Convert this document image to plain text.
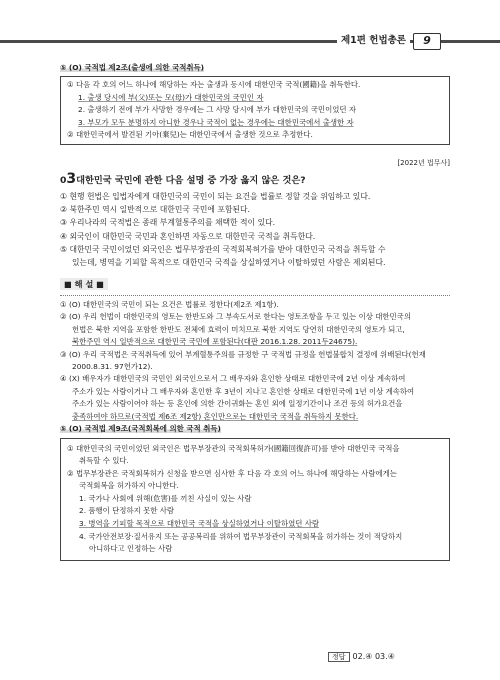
제1편 헌법총론	9
⑤ (O) 국적법 제2조(출생에 의한 국적취득)
① 다음 각 호의 어느 하나에 해당하는 자는 출생과 동시에 대한민국 국적(國籍)을 취득한다.
1. 출생 당시에 부(父)또는 모(母)가 대한민국의 국민인 자
2. 출생하기 전에 부가 사망한 경우에는 그 사망 당시에 부가 대한민국의 국민이었던 자
3. 부모가 모두 분명하지 아니한 경우나 국적이 없는 경우에는 대한민국에서 출생한 자
② 대한민국에서 발견된 기아(棄兒)는 대한민국에서 출생한 것으로 추정한다.
[2022년 법무사]
03대한민국 국민에 관한 다음 설명 중 가장 옳지 않은 것은?
① 현행 헌법은 입법자에게 대한민국의 국민이 되는 요건을 법률로 정할 것을 위임하고 있다.
② 북한주민 역시 일반적으로 대한민국 국민에 포함된다.
③ 우리나라의 국적법은 종래 부계혈통주의를 채택한 적이 있다.
④ 외국인이 대한민국 국민과 혼인하면 자동으로 대한민국 국적을 취득한다.
⑤ 대한민국 국민이었던 외국인은 법무부장관의 국적회복허가를 받아 대한민국 국적을 취득할 수
있는데, 병역을 기피할 목적으로 대한민국 국적을 상실하였거나 이탈하였던 사람은 제외된다.
■ 해 설 ■
① (O) 대한민국의 국민이 되는 요건은 법률로 정한다(제2조 제1항).
② (O) 우리 헌법이 대한민국의 영토는 한반도와 그 부속도서로 한다는 영토조항을 두고 있는 이상 대한민국의
헌법은 북한 지역을 포함한 한반도 전체에 효력이 미치므로 북한 지역도 당연히 대한민국의 영토가 되고,
북한주민 역시 일반적으로 대한민국 국민에 포함된다(대판 2016.1.28. 2011두24675).
③ (O) 우리 국적법은 국적취득에 있어 부계혈통주의를 규정한 구 국적법 규정을 헌법불합치 결정에 위배된다(헌재
2000.8.31. 97헌가12).
④ (X) 배우자가 대한민국의 국민인 외국인으로서 그 배우자와 혼인한 상태로 대한민국에 2년 이상 계속하여
주소가 있는 사람이거나 그 배우자와 혼인한 후 3년이 지나고 혼인한 상태로 대한민국에 1년 이상 계속하여
주소가 있는 사람이어야 하는 등 혼인에 의한 간이귀화는 혼인 외에 일정기간이나 조건 등의 허가요건을
충족하여야 하므로(국적법 제6조 제2항) 혼인만으로는 대한민국 국적을 취득하지 못한다.
⑤ (O) 국적법 제9조(국적회복에 의한 국적 취득)
① 대한민국의 국민이었던 외국인은 법무부장관의 국적회복허가(國籍回復許可)를 받아 대한민국 국적을
취득할 수 있다.
② 법무부장관은 국적회복허가 신청을 받으면 심사한 후 다음 각 호의 어느 하나에 해당하는 사람에게는
국적회복을 허가하지 아니한다.
1. 국가나 사회에 위해(危害)를 끼친 사실이 있는 사람
2. 품행이 단정하지 못한 사람
3. 병역을 기피할 목적으로 대한민국 국적을 상실하였거나 이탈하였던 사람
4. 국가안전보장·질서유지 또는 공공복리를 위하여 법무부장관이 국적회복을 허가하는 것이 적당하지
아니하다고 인정하는 사람
정답 02.④ 03.④
